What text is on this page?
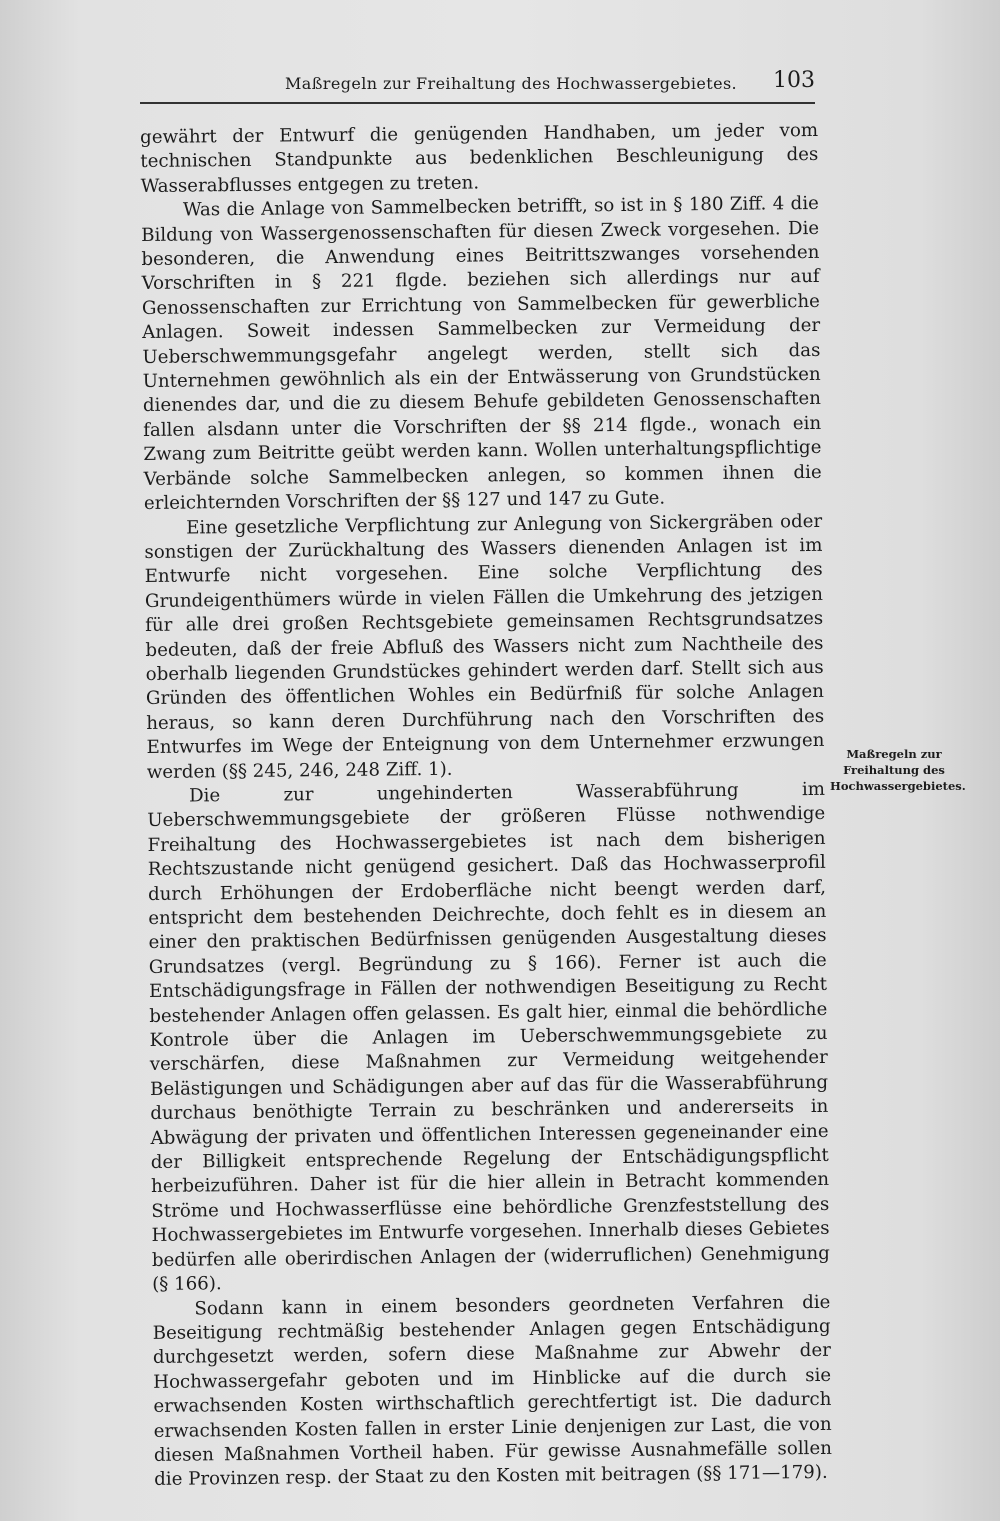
Maßregeln zur Freihaltung des Hochwassergebietes. 103

gewährt der Entwurf die genügenden Handhaben, um jeder vom technischen Standpunkte aus bedenklichen Beschleunigung des Wasserabflusses entgegen zu treten.

Was die Anlage von Sammelbecken betrifft, so ist in § 180 Ziff. 4 die Bildung von Wassergenossenschaften für diesen Zweck vorgesehen. Die besonderen, die Anwendung eines Beitrittszwanges vorsehenden Vorschriften in § 221 flgde. beziehen sich allerdings nur auf Genossenschaften zur Errichtung von Sammelbecken für gewerbliche Anlagen. Soweit indessen Sammelbecken zur Vermeidung der Ueberschwemmungsgefahr angelegt werden, stellt sich das Unternehmen gewöhnlich als ein der Entwässerung von Grundstücken dienendes dar, und die zu diesem Behufe gebildeten Genossenschaften fallen alsdann unter die Vorschriften der §§ 214 flgde., wonach ein Zwang zum Beitritte geübt werden kann. Wollen unterhaltungspflichtige Verbände solche Sammelbecken anlegen, so kommen ihnen die erleichternden Vorschriften der §§ 127 und 147 zu Gute.

Eine gesetzliche Verpflichtung zur Anlegung von Sickergräben oder sonstigen der Zurückhaltung des Wassers dienenden Anlagen ist im Entwurfe nicht vorgesehen. Eine solche Verpflichtung des Grundeigenthümers würde in vielen Fällen die Umkehrung des jetzigen für alle drei großen Rechtsgebiete gemeinsamen Rechtsgrundsatzes bedeuten, daß der freie Abfluß des Wassers nicht zum Nachtheile des oberhalb liegenden Grundstückes gehindert werden darf. Stellt sich aus Gründen des öffentlichen Wohles ein Bedürfniß für solche Anlagen heraus, so kann deren Durchführung nach den Vorschriften des Entwurfes im Wege der Enteignung von dem Unternehmer erzwungen werden (§§ 245, 246, 248 Ziff. 1).

Die zur ungehinderten Wasserabführung im Ueberschwemmungsgebiete der größeren Flüsse nothwendige Freihaltung des Hochwassergebietes ist nach dem bisherigen Rechtszustande nicht genügend gesichert. Daß das Hochwasserprofil durch Erhöhungen der Erdoberfläche nicht beengt werden darf, entspricht dem bestehenden Deichrechte, doch fehlt es in diesem an einer den praktischen Bedürfnissen genügenden Ausgestaltung dieses Grundsatzes (vergl. Begründung zu § 166). Ferner ist auch die Entschädigungsfrage in Fällen der nothwendigen Beseitigung zu Recht bestehender Anlagen offen gelassen. Es galt hier, einmal die behördliche Kontrole über die Anlagen im Ueberschwemmungsgebiete zu verschärfen, diese Maßnahmen zur Vermeidung weitgehender Belästigungen und Schädigungen aber auf das für die Wasserabführung durchaus benöthigte Terrain zu beschränken und andererseits in Abwägung der privaten und öffentlichen Interessen gegeneinander eine der Billigkeit entsprechende Regelung der Entschädigungspflicht herbeizuführen. Daher ist für die hier allein in Betracht kommenden Ströme und Hochwasserflüsse eine behördliche Grenzfeststellung des Hochwassergebietes im Entwurfe vorgesehen. Innerhalb dieses Gebietes bedürfen alle oberirdischen Anlagen der (widerruflichen) Genehmigung (§ 166).

Sodann kann in einem besonders geordneten Verfahren die Beseitigung rechtmäßig bestehender Anlagen gegen Entschädigung durchgesetzt werden, sofern diese Maßnahme zur Abwehr der Hochwassergefahr geboten und im Hinblicke auf die durch sie erwachsenden Kosten wirthschaftlich gerechtfertigt ist. Die dadurch erwachsenden Kosten fallen in erster Linie denjenigen zur Last, die von diesen Maßnahmen Vortheil haben. Für gewisse Ausnahmefälle sollen die Provinzen resp. der Staat zu den Kosten mit beitragen (§§ 171—179).

Maßregeln zur
Freihaltung des
Hochwassergebietes.
